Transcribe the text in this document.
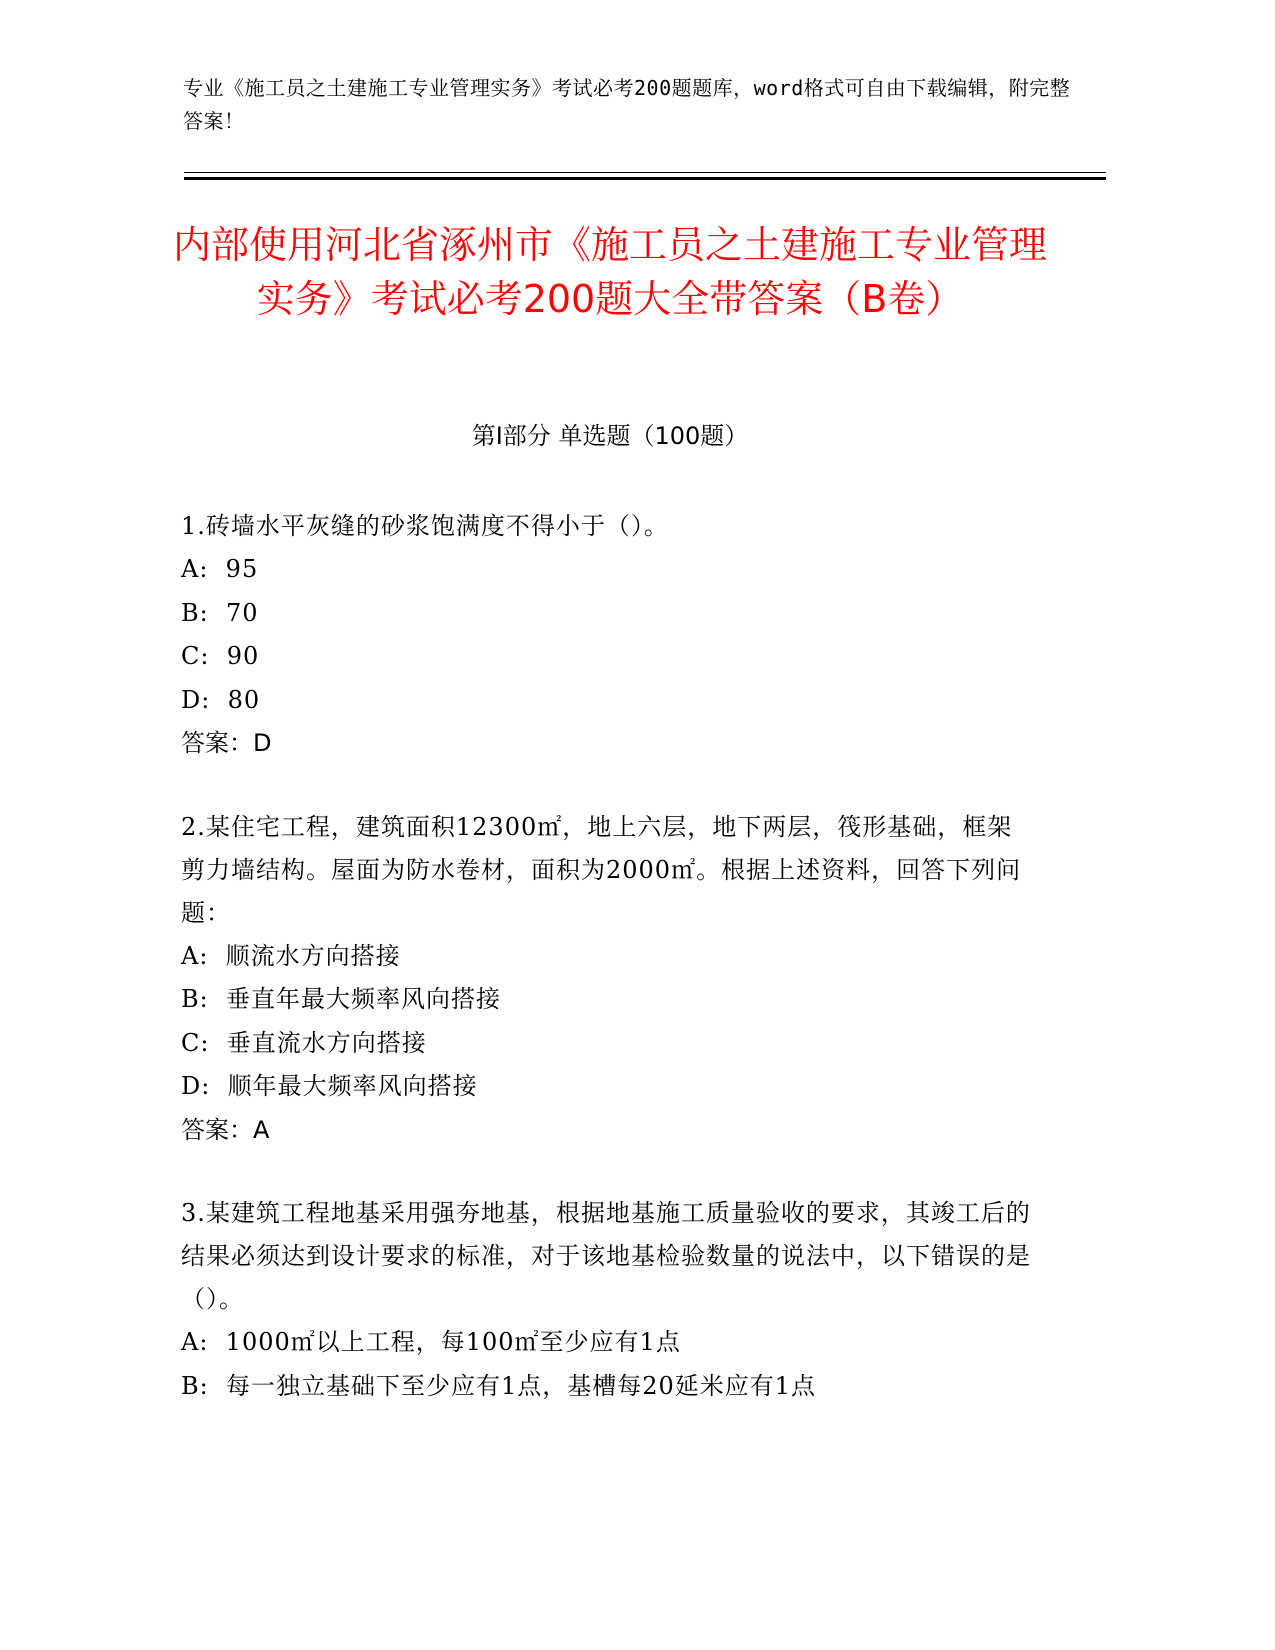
专业《施工员之土建施工专业管理实务》考试必考200题题库，word格式可自由下载编辑，附完整答案！
内部使用河北省涿州市《施工员之土建施工专业管理实务》考试必考200题大全带答案（B卷）
第Ⅰ部分 单选题（100题）
1.砖墙水平灰缝的砂浆饱满度不得小于（）。
A:  95
B:  70
C:  90
D:  80
答案：D
2.某住宅工程，建筑面积12300㎡，地上六层，地下两层，筏形基础，框架剪力墙结构。屋面为防水卷材，面积为2000㎡。根据上述资料，回答下列问题：
A:  顺流水方向搭接
B:  垂直年最大频率风向搭接
C:  垂直流水方向搭接
D:  顺年最大频率风向搭接
答案：A
3.某建筑工程地基采用强夯地基，根据地基施工质量验收的要求，其竣工后的结果必须达到设计要求的标准，对于该地基检验数量的说法中，以下错误的是（）。
A:  1000㎡以上工程，每100㎡至少应有1点
B:  每一独立基础下至少应有1点，基槽每20延米应有1点
